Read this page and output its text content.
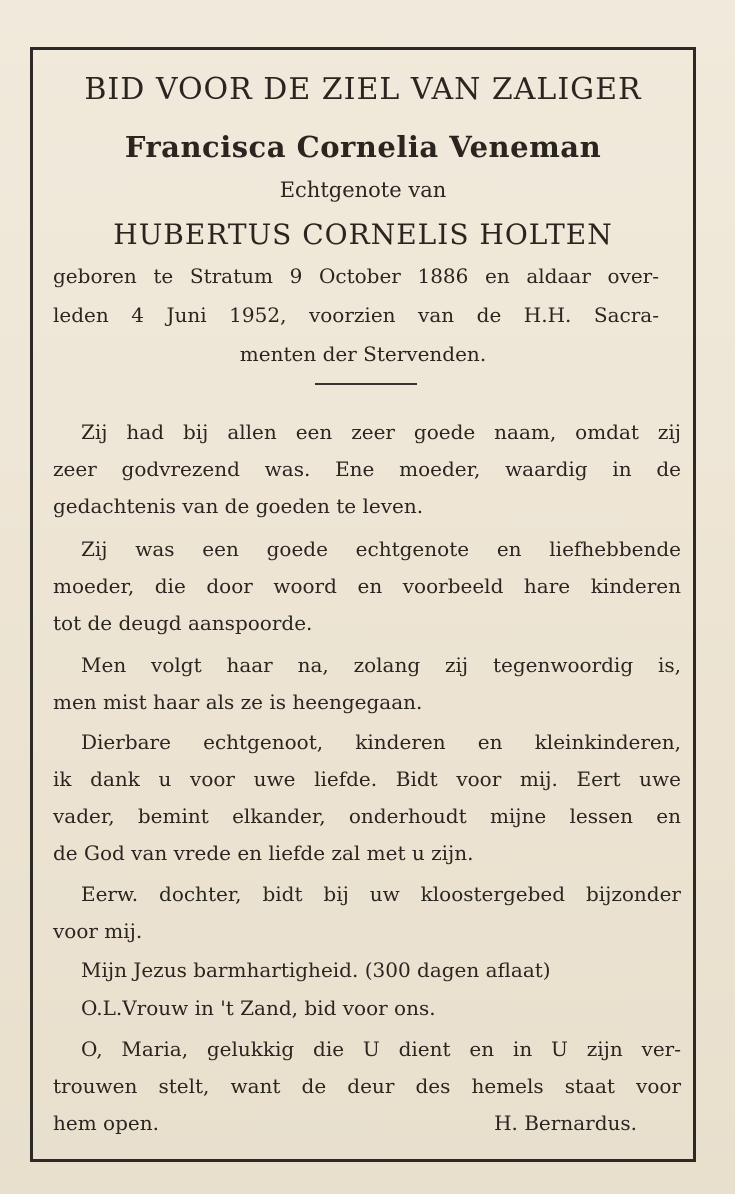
BID VOOR DE ZIEL VAN ZALIGER
Francisca Cornelia Veneman
Echtgenote van
HUBERTUS CORNELIS HOLTEN
geboren te Stratum 9 October 1886 en aldaar over-
leden 4 Juni 1952, voorzien van de H.H. Sacra-
menten der Stervenden.
Zij had bij allen een zeer goede naam, omdat zij
zeer godvrezend was. Ene moeder, waardig in de
gedachtenis van de goeden te leven.
Zij was een goede echtgenote en liefhebbende
moeder, die door woord en voorbeeld hare kinderen
tot de deugd aanspoorde.
Men volgt haar na, zolang zij tegenwoordig is,
men mist haar als ze is heengegaan.
Dierbare echtgenoot, kinderen en kleinkinderen,
ik dank u voor uwe liefde. Bidt voor mij. Eert uwe
vader, bemint elkander, onderhoudt mijne lessen en
de God van vrede en liefde zal met u zijn.
Eerw. dochter, bidt bij uw kloostergebed bijzonder
voor mij.
Mijn Jezus barmhartigheid. (300 dagen aflaat)
O.L.Vrouw in 't Zand, bid voor ons.
O, Maria, gelukkig die U dient en in U zijn ver-
trouwen stelt, want de deur des hemels staat voor
hem open.	H. Bernardus.
